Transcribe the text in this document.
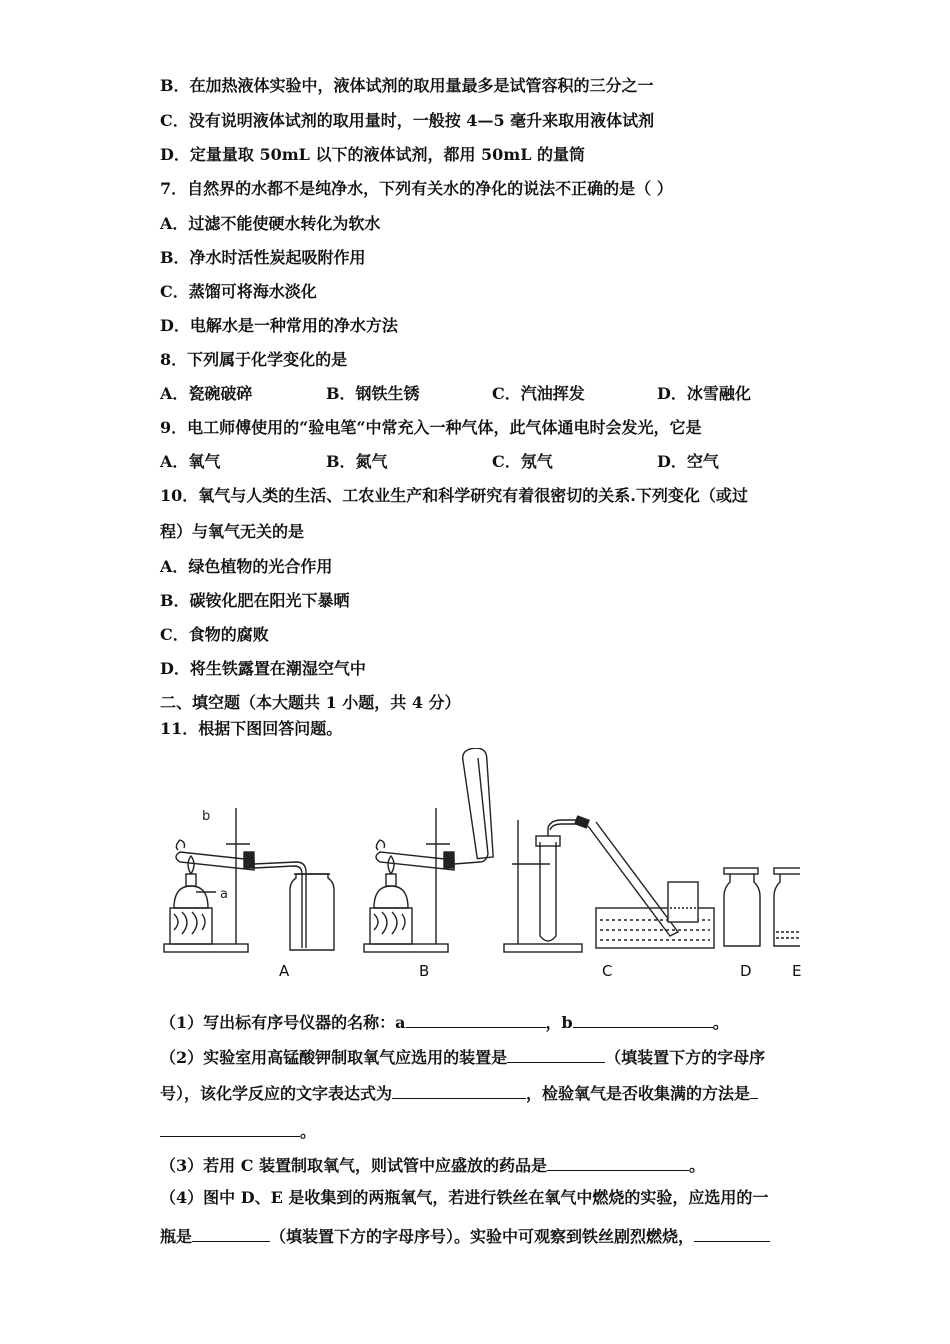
B．在加热液体实验中，液体试剂的取用量最多是试管容积的三分之一
C．没有说明液体试剂的取用量时，一般按 4—5 毫升来取用液体试剂
D．定量量取 50mL 以下的液体试剂，都用 50mL 的量筒
7．自然界的水都不是纯净水，下列有关水的净化的说法不正确的是（ ）
A．过滤不能使硬水转化为软水
B．净水时活性炭起吸附作用
C．蒸馏可将海水淡化
D．电解水是一种常用的净水方法
8．下列属于化学变化的是
A．瓷碗破碎	B．钢铁生锈	C．汽油挥发	D．冰雪融化
9．电工师傅使用的“验电笔“中常充入一种气体，此气体通电时会发光，它是
A．氧气	B．氮气	C．氖气	D．空气
10．氧气与人类的生活、工农业生产和科学研究有着很密切的关系.下列变化（或过
程）与氧气无关的是
A．绿色植物的光合作用
B．碳铵化肥在阳光下暴晒
C．食物的腐败
D．将生铁露置在潮湿空气中
二、填空题（本大题共 1 小题，共 4 分）
11．根据下图回答问题。
b
a
A	B	C	D	E
（1）写出标有序号仪器的名称：a	，b	。
（2）实验室用高锰酸钾制取氧气应选用的装置是	（填装置下方的字母序
号），该化学反应的文字表达式为	，检验氧气是否收集满的方法是
。
（3）若用 C 装置制取氧气，则试管中应盛放的药品是	。
（4）图中 D、E 是收集到的两瓶氧气，若进行铁丝在氧气中燃烧的实验，应选用的一
瓶是	（填装置下方的字母序号）。实验中可观察到铁丝剧烈燃烧，
